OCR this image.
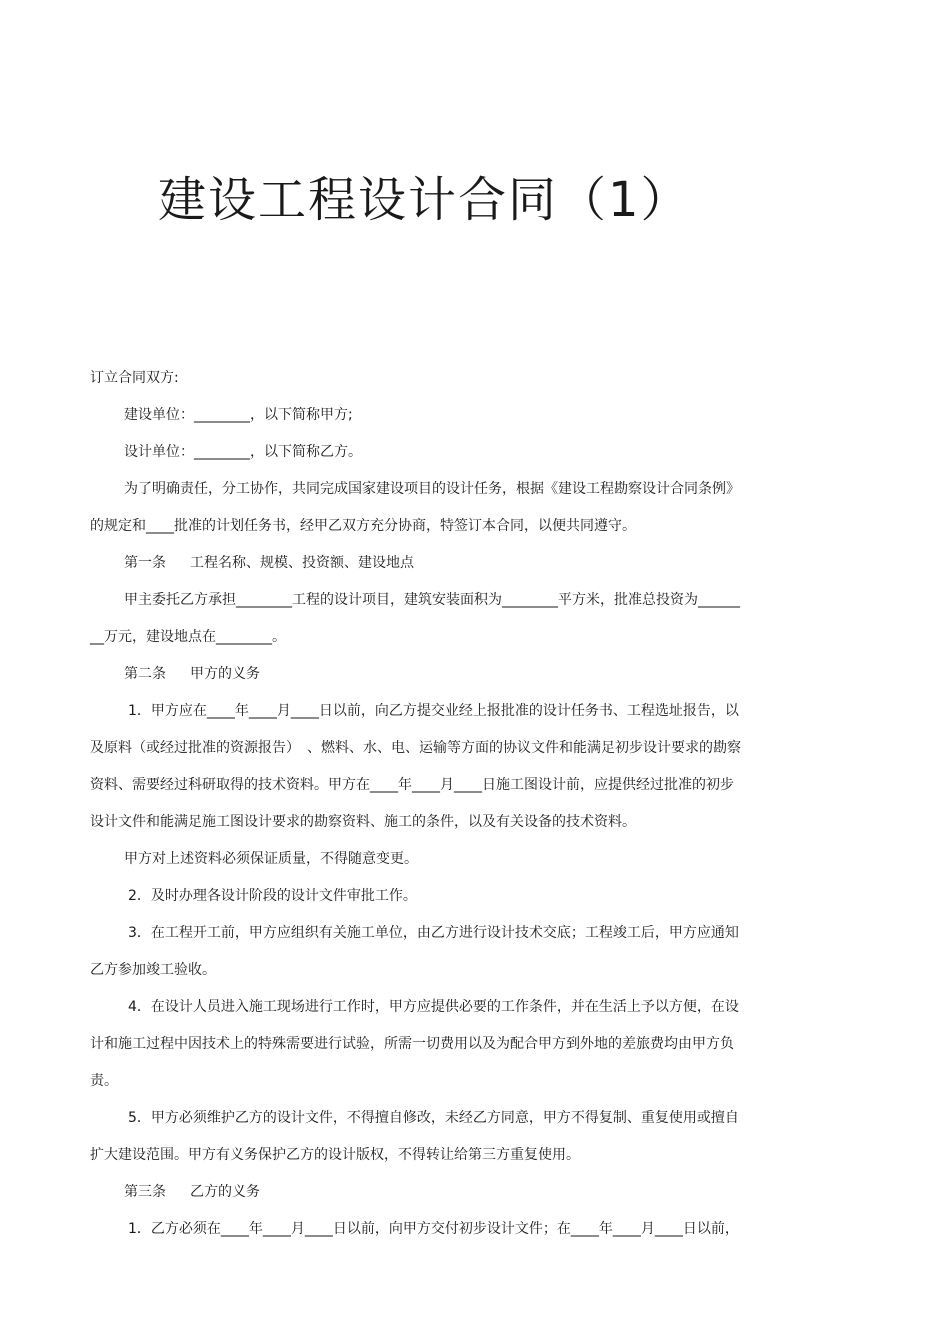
建设工程设计合同（1）

订立合同双方:

建设单位：________，以下简称甲方;

设计单位：________，以下简称乙方。

为了明确责任，分工协作，共同完成国家建设项目的设计任务，根据《建设工程勘察设计合同条例》

的规定和____批准的计划任务书，经甲乙双方充分协商，特签订本合同，以便共同遵守。

第一条 工程名称、规模、投资额、建设地点

甲主委托乙方承担________工程的设计项目，建筑安装面积为________平方米，批准总投资为______

__万元，建设地点在________。

第二条 甲方的义务

1．甲方应在____年____月____日以前，向乙方提交业经上报批准的设计任务书、工程选址报告，以

及原料（或经过批准的资源报告）　、燃料、水、电、运输等方面的协议文件和能满足初步设计要求的勘察

资料、需要经过科研取得的技术资料。甲方在____年____月____日施工图设计前，应提供经过批准的初步

设计文件和能满足施工图设计要求的勘察资料、施工的条件，以及有关设备的技术资料。

甲方对上述资料必须保证质量，不得随意变更。

2．及时办理各设计阶段的设计文件审批工作。

3．在工程开工前，甲方应组织有关施工单位，由乙方进行设计技术交底；工程竣工后，甲方应通知

乙方参加竣工验收。

4．在设计人员进入施工现场进行工作时，甲方应提供必要的工作条件，并在生活上予以方便，在设

计和施工过程中因技术上的特殊需要进行试验，所需一切费用以及为配合甲方到外地的差旅费均由甲方负

责。

5．甲方必须维护乙方的设计文件，不得擅自修改，未经乙方同意，甲方不得复制、重复使用或擅自

扩大建设范围。甲方有义务保护乙方的设计版权，不得转让给第三方重复使用。

第三条 乙方的义务

1．乙方必须在____年____月____日以前，向甲方交付初步设计文件；在____年____月____日以前，
